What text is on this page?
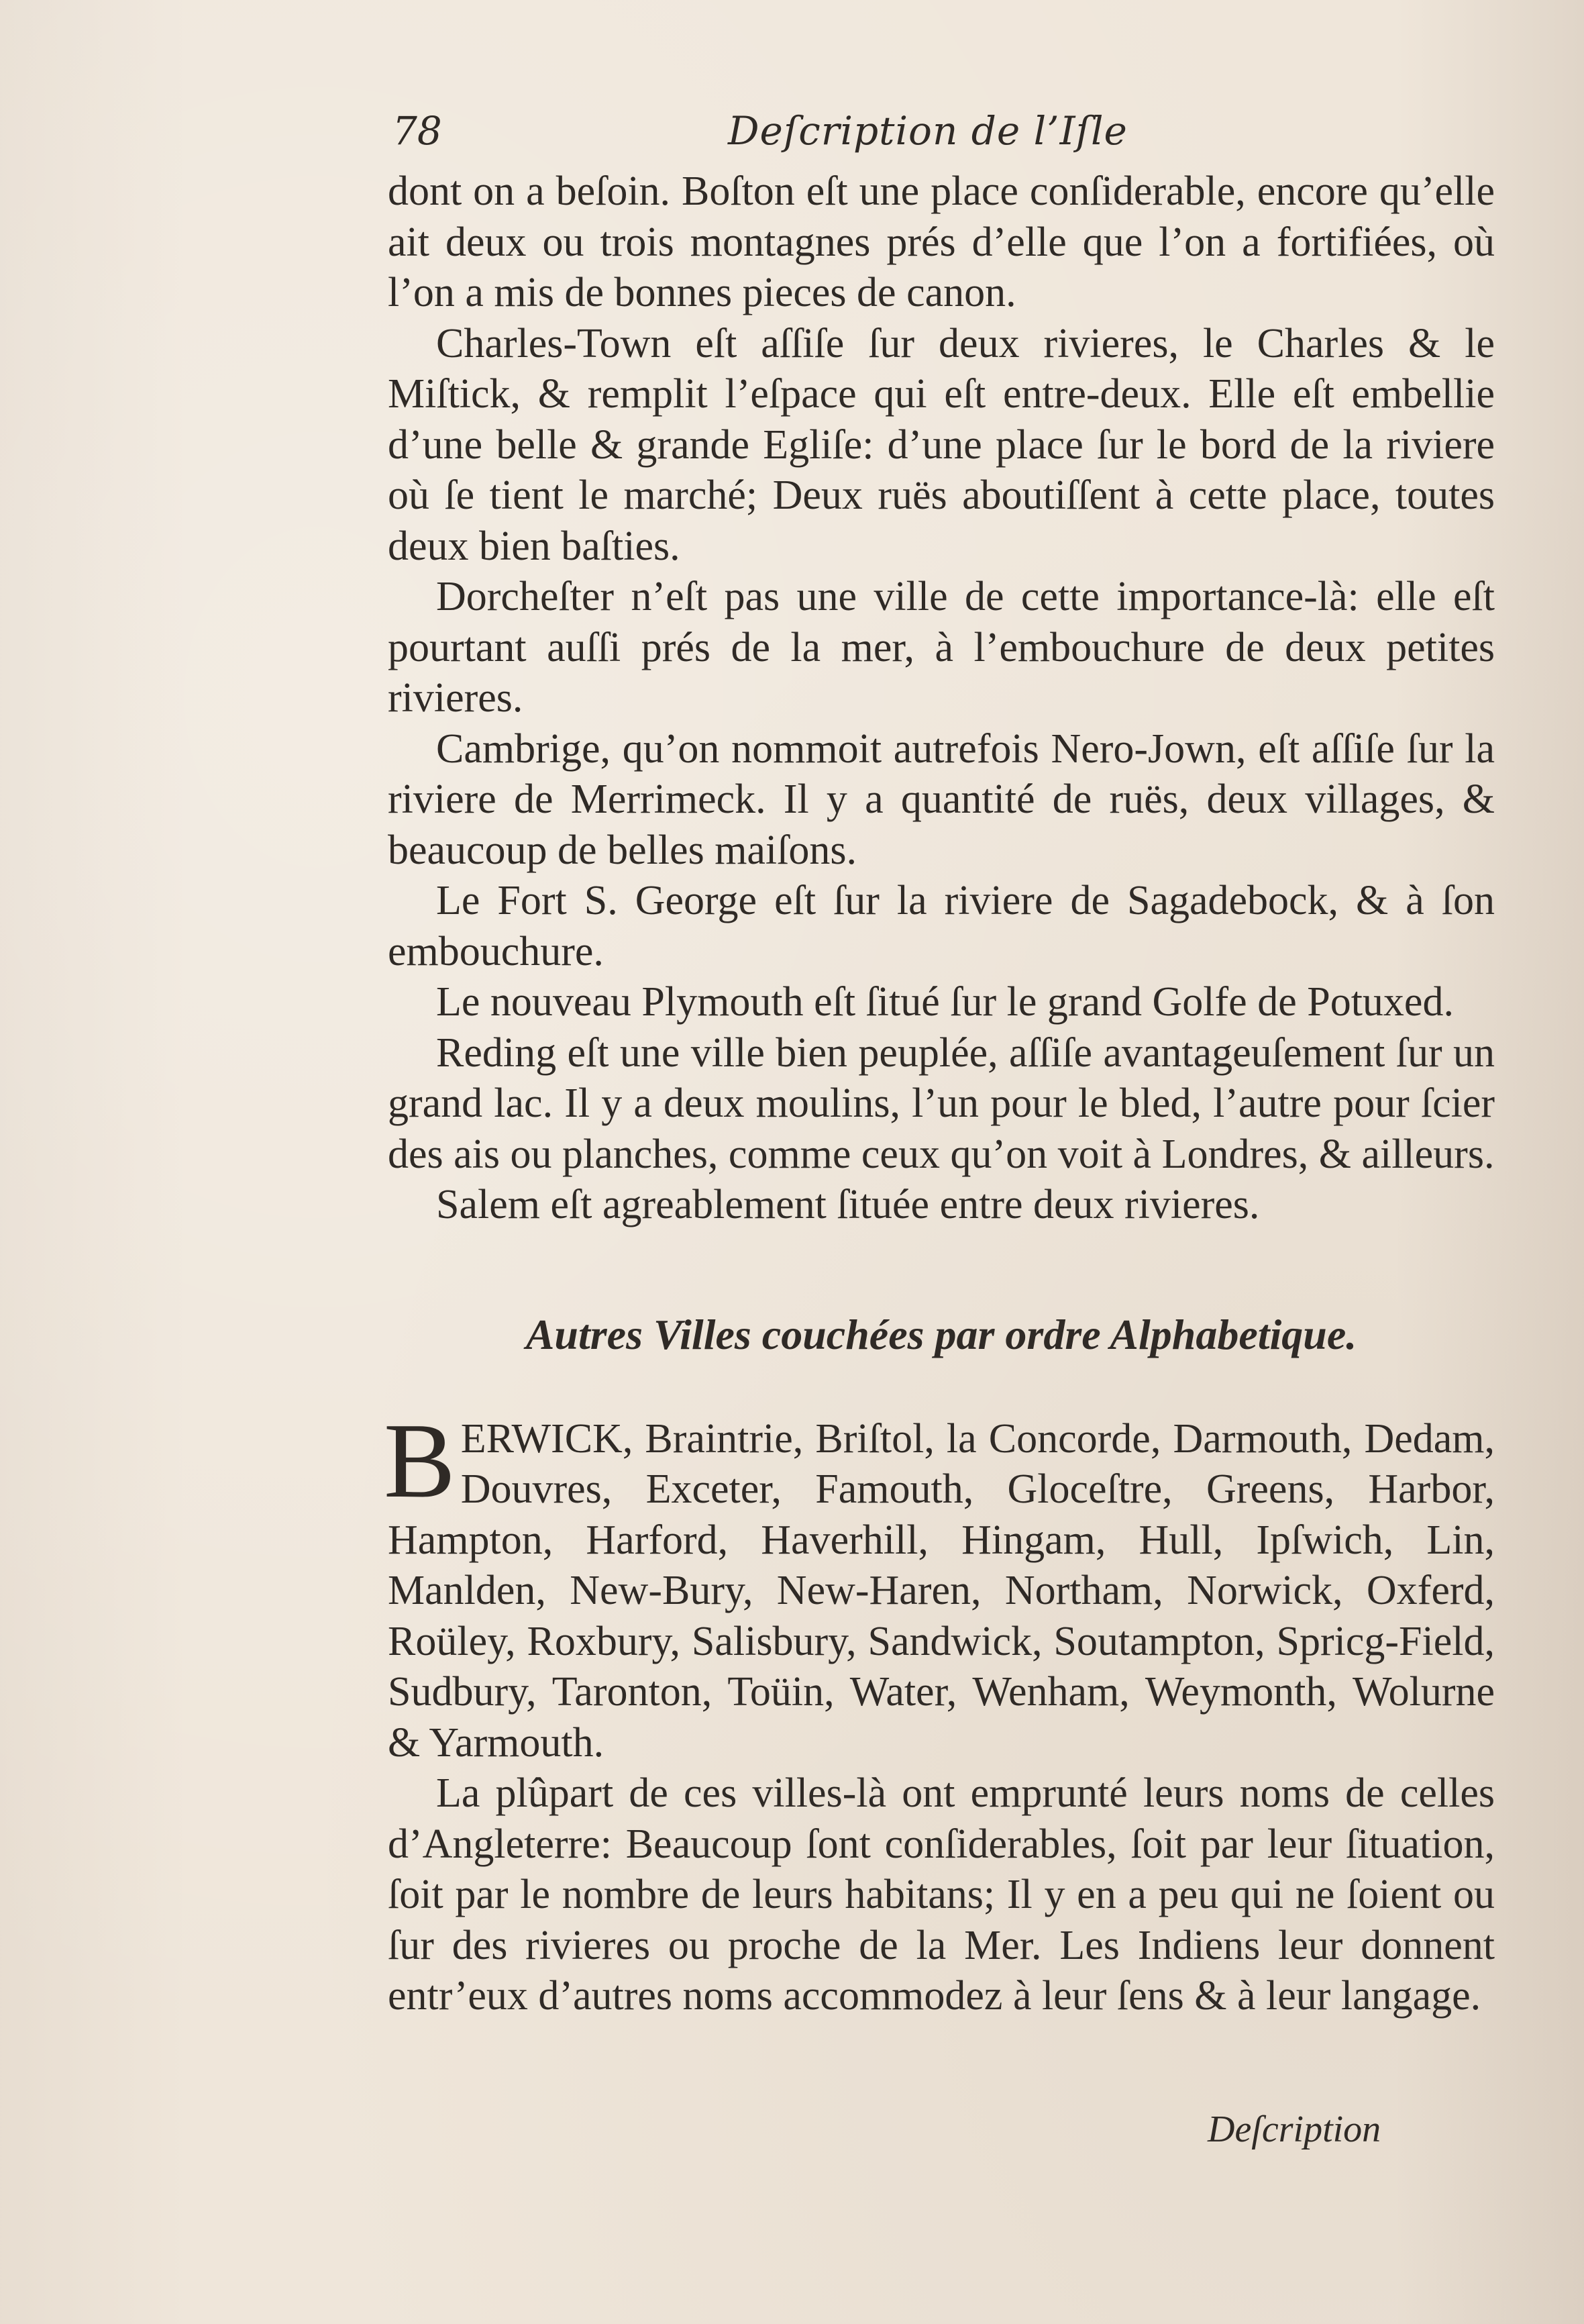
78	Deſcription de l’Iſle

dont on a beſoin. Boſton eſt une place conſiderable, encore qu’elle ait deux ou trois montagnes prés d’elle que l’on a fortifiées, où l’on a mis de bonnes pieces de canon.

Charles-Town eſt aſſiſe ſur deux rivieres, le Charles & le Miſtick, & remplit l’eſpace qui eſt entre-deux. Elle eſt embellie d’une belle & grande Egliſe: d’une place ſur le bord de la riviere où ſe tient le marché; Deux ruës aboutiſſent à cette place, toutes deux bien baſties.

Dorcheſter n’eſt pas une ville de cette importance-là: elle eſt pourtant auſſi prés de la mer, à l’embouchure de deux petites rivieres.

Cambrige, qu’on nommoit autrefois Nero-Jown, eſt aſſiſe ſur la riviere de Merrimeck. Il y a quantité de ruës, deux villages, & beaucoup de belles maiſons.

Le Fort S. George eſt ſur la riviere de Sagadebock, & à ſon embouchure.

Le nouveau Plymouth eſt ſitué ſur le grand Golfe de Potuxed.

Reding eſt une ville bien peuplée, aſſiſe avantageuſement ſur un grand lac. Il y a deux moulins, l’un pour le bled, l’autre pour ſcier des ais ou planches, comme ceux qu’on voit à Londres, & ailleurs.

Salem eſt agreablement ſituée entre deux rivieres.

Autres Villes couchées par ordre Alphabetique.

BERWICK, Braintrie, Briſtol, la Concorde, Darmouth, Dedam, Douvres, Exceter, Famouth, Gloceſtre, Greens, Harbor, Hampton, Harford, Haverhill, Hingam, Hull, Ipſwich, Lin, Manlden, New-Bury, New-Haren, Northam, Norwick, Oxferd, Roüley, Roxbury, Salisbury, Sandwick, Soutampton, Spricg-Field, Sudbury, Taronton, Toüin, Water, Wenham, Weymonth, Wolurne & Yarmouth.

La plûpart de ces villes-là ont emprunté leurs noms de celles d’Angleterre: Beaucoup ſont conſiderables, ſoit par leur ſituation, ſoit par le nombre de leurs habitans; Il y en a peu qui ne ſoient ou ſur des rivieres ou proche de la Mer. Les Indiens leur donnent entr’eux d’autres noms accommodez à leur ſens & à leur langage.

Deſcription
